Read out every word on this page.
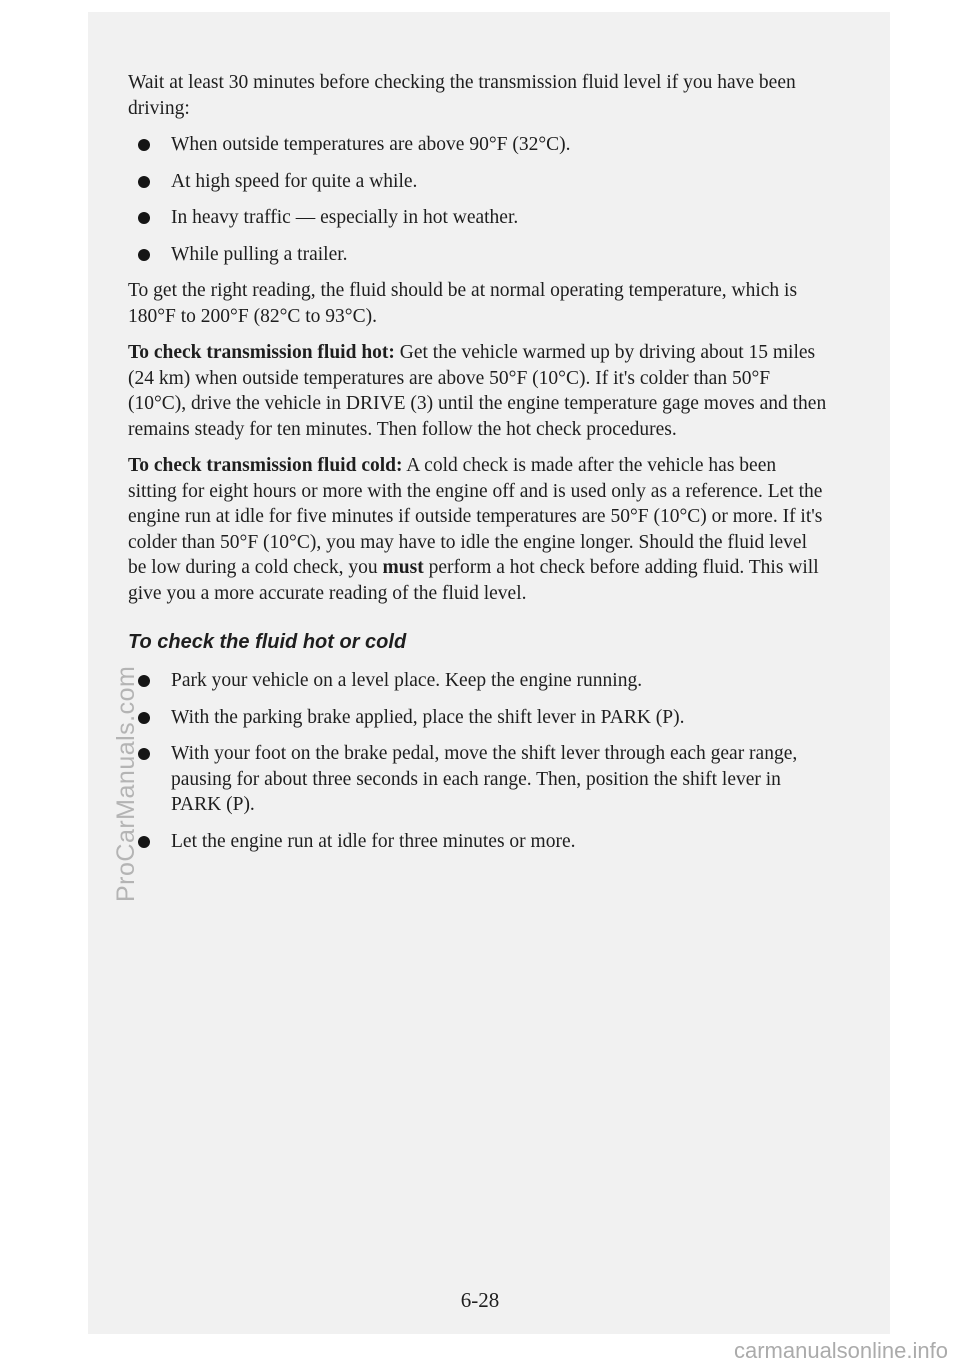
Wait at least 30 minutes before checking the transmission fluid level if you have been driving:

When outside temperatures are above 90°F (32°C).
At high speed for quite a while.
In heavy traffic — especially in hot weather.
While pulling a trailer.

To get the right reading, the fluid should be at normal operating temperature, which is 180°F to 200°F (82°C to 93°C).

To check transmission fluid hot: Get the vehicle warmed up by driving about 15 miles (24 km) when outside temperatures are above 50°F (10°C). If it's colder than 50°F (10°C), drive the vehicle in DRIVE (3) until the engine temperature gage moves and then remains steady for ten minutes. Then follow the hot check procedures.

To check transmission fluid cold: A cold check is made after the vehicle has been sitting for eight hours or more with the engine off and is used only as a reference. Let the engine run at idle for five minutes if outside temperatures are 50°F (10°C) or more. If it's colder than 50°F (10°C), you may have to idle the engine longer. Should the fluid level be low during a cold check, you must perform a hot check before adding fluid. This will give you a more accurate reading of the fluid level.

To check the fluid hot or cold
Park your vehicle on a level place. Keep the engine running.
With the parking brake applied, place the shift lever in PARK (P).
With your foot on the brake pedal, move the shift lever through each gear range, pausing for about three seconds in each range. Then, position the shift lever in PARK (P).
Let the engine run at idle for three minutes or more.
6-28
ProCarManuals.com
carmanualsonline.info
